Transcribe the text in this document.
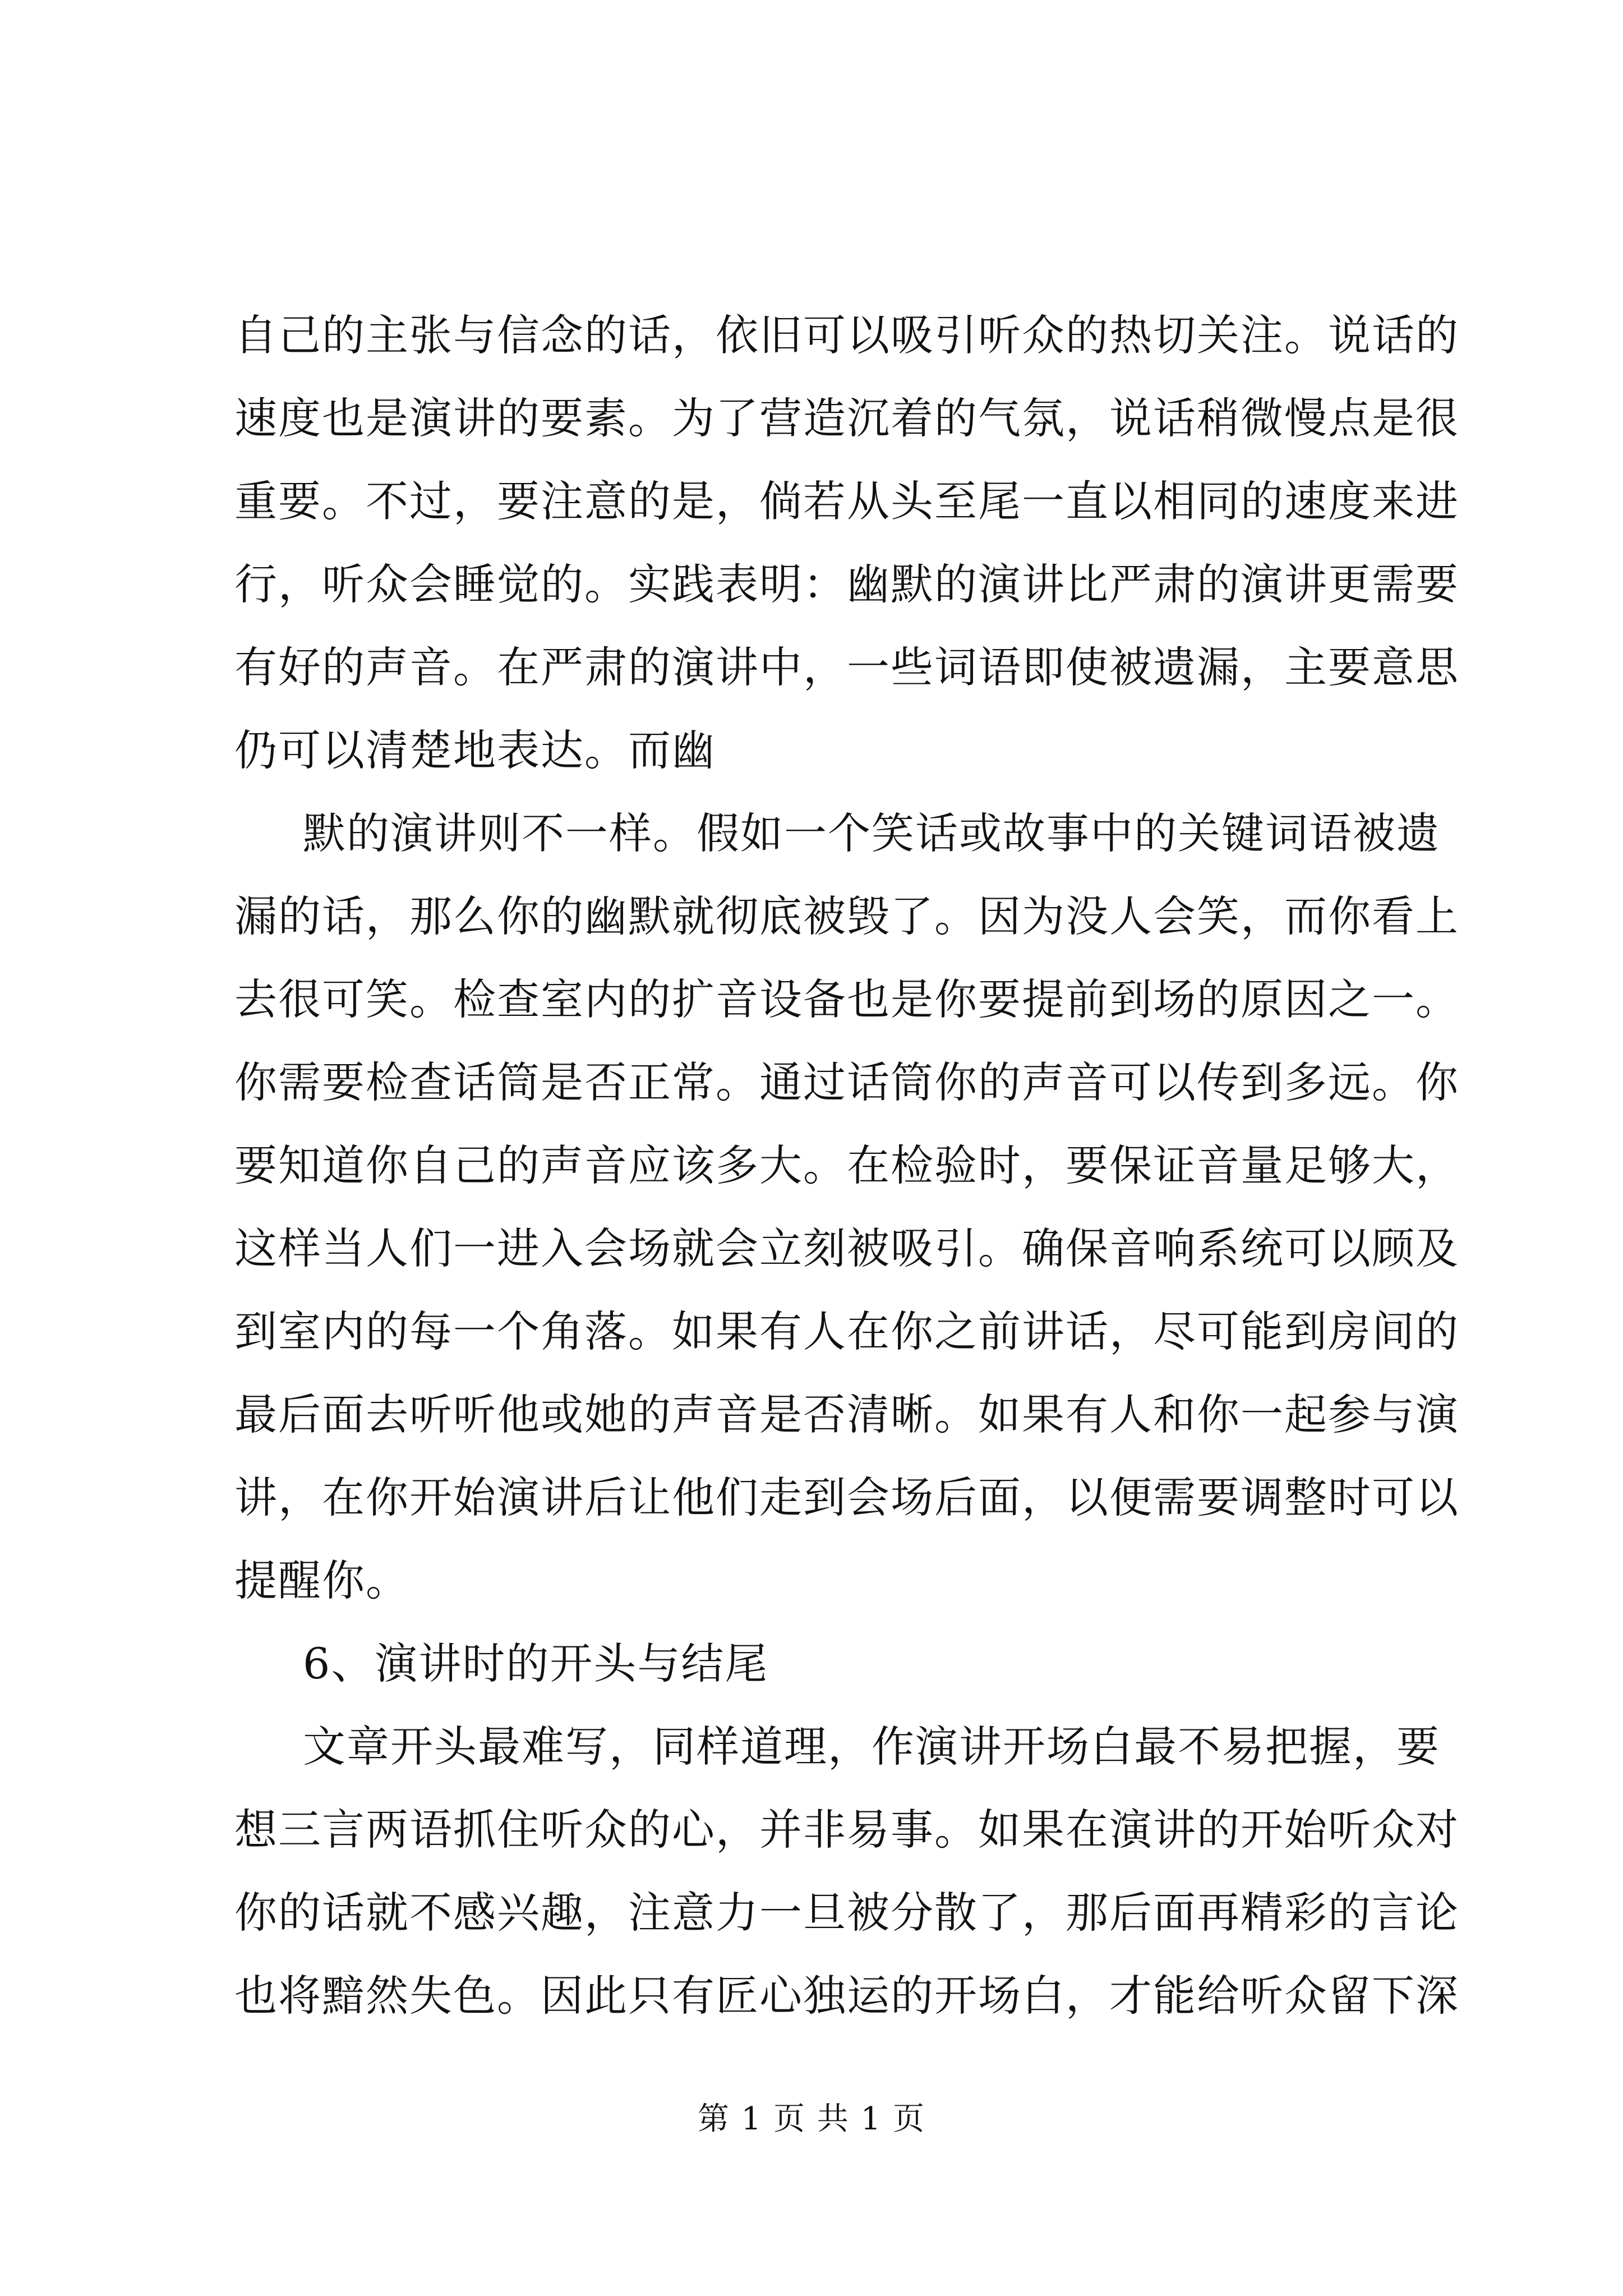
自己的主张与信念的话，依旧可以吸引听众的热切关注。说话的
速度也是演讲的要素。为了营造沉着的气氛，说话稍微慢点是很
重要。不过，要注意的是，倘若从头至尾一直以相同的速度来进
行，听众会睡觉的。实践表明：幽默的演讲比严肃的演讲更需要
有好的声音。在严肃的演讲中，一些词语即使被遗漏，主要意思
仍可以清楚地表达。而幽
默的演讲则不一样。假如一个笑话或故事中的关键词语被遗
漏的话，那么你的幽默就彻底被毁了。因为没人会笑，而你看上
去很可笑。检查室内的扩音设备也是你要提前到场的原因之一。
你需要检查话筒是否正常。通过话筒你的声音可以传到多远。你
要知道你自己的声音应该多大。在检验时，要保证音量足够大，
这样当人们一进入会场就会立刻被吸引。确保音响系统可以顾及
到室内的每一个角落。如果有人在你之前讲话，尽可能到房间的
最后面去听听他或她的声音是否清晰。如果有人和你一起参与演
讲，在你开始演讲后让他们走到会场后面，以便需要调整时可以
提醒你。
6、演讲时的开头与结尾
文章开头最难写，同样道理，作演讲开场白最不易把握，要
想三言两语抓住听众的心，并非易事。如果在演讲的开始听众对
你的话就不感兴趣，注意力一旦被分散了，那后面再精彩的言论
也将黯然失色。因此只有匠心独运的开场白，才能给听众留下深
第 1 页 共 1 页
